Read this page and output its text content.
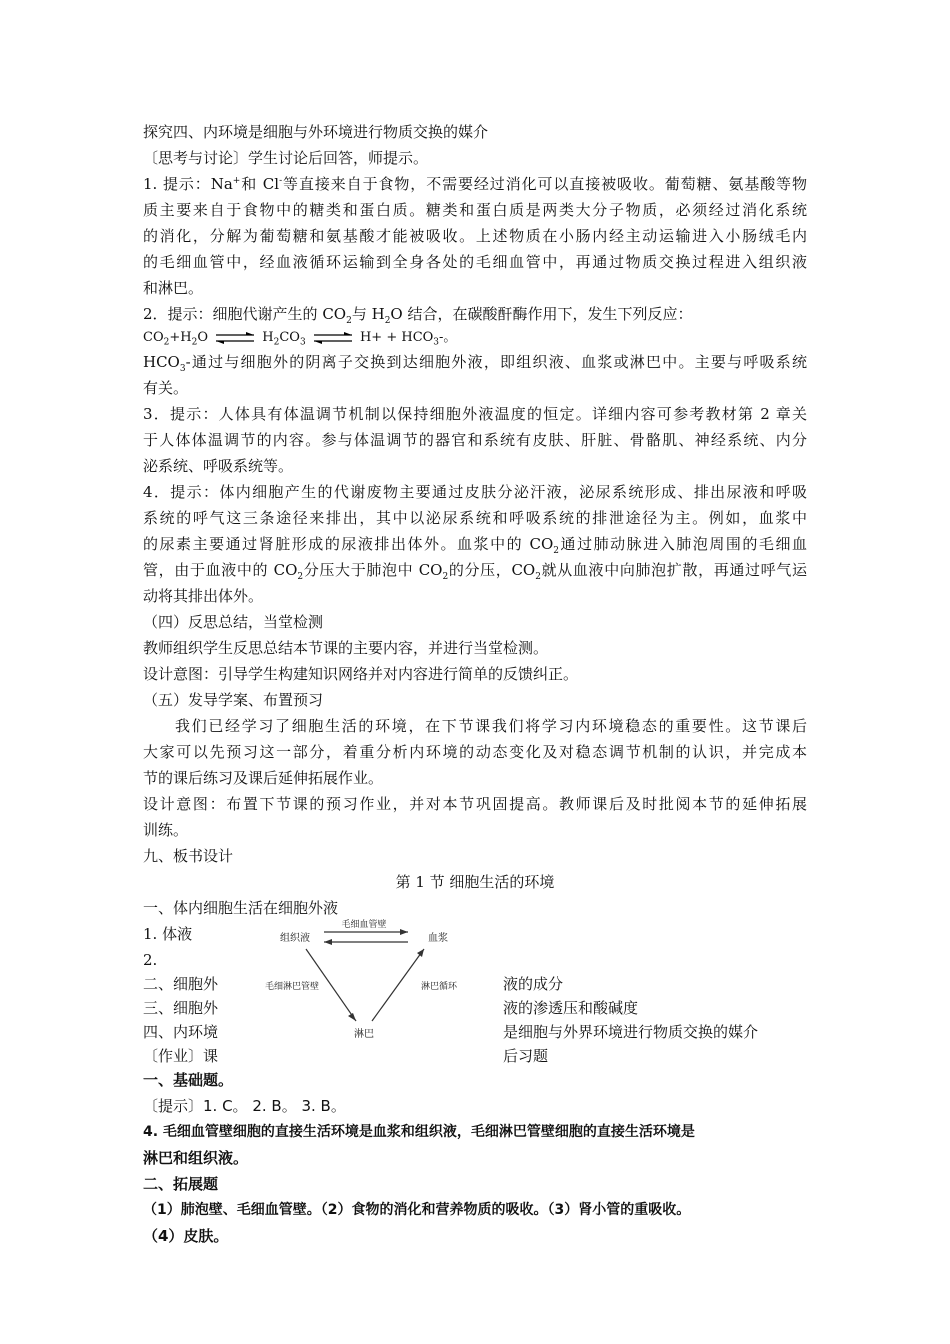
探究四、内环境是细胞与外环境进行物质交换的媒介
〔思考与讨论〕学生讨论后回答，师提示。
1. 提示：Na+和 Cl-等直接来自于食物，不需要经过消化可以直接被吸收。葡萄糖、氨基酸等物
质主要来自于食物中的糖类和蛋白质。糖类和蛋白质是两类大分子物质，必须经过消化系统
的消化，分解为葡萄糖和氨基酸才能被吸收。上述物质在小肠内经主动运输进入小肠绒毛内
的毛细血管中，经血液循环运输到全身各处的毛细血管中，再通过物质交换过程进入组织液
和淋巴。
2．提示：细胞代谢产生的 $CO_2$与 $H_2O$ 结合，在碳酸酐酶作用下，发生下列反应：
$CO_2+H_2O$ ⇌ $H_2CO_3$ ⇌ $H+ + HCO_3-$。
$HCO_3-$通过与细胞外的阴离子交换到达细胞外液，即组织液、血浆或淋巴中。主要与呼吸系统
有关。
3．提示：人体具有体温调节机制以保持细胞外液温度的恒定。详细内容可参考教材第 2 章关
于人体体温调节的内容。参与体温调节的器官和系统有皮肤、肝脏、骨骼肌、神经系统、内分
泌系统、呼吸系统等。
4．提示：体内细胞产生的代谢废物主要通过皮肤分泌汗液，泌尿系统形成、排出尿液和呼吸
系统的呼气这三条途径来排出，其中以泌尿系统和呼吸系统的排泄途径为主。例如，血浆中
的尿素主要通过肾脏形成的尿液排出体外。血浆中的 $CO_2$通过肺动脉进入肺泡周围的毛细血
管，由于血液中的 $CO_2$分压大于肺泡中 $CO_2$的分压，$CO_2$就从血液中向肺泡扩散，再通过呼气运
动将其排出体外。
（四）反思总结，当堂检测
教师组织学生反思总结本节课的主要内容，并进行当堂检测。
设计意图：引导学生构建知识网络并对内容进行简单的反馈纠正。
（五）发导学案、布置预习
我们已经学习了细胞生活的环境，在下节课我们将学习内环境稳态的重要性。这节课后
大家可以先预习这一部分，着重分析内环境的动态变化及对稳态调节机制的认识，并完成本
节的课后练习及课后延伸拓展作业。
设计意图：布置下节课的预习作业，并对本节巩固提高。教师课后及时批阅本节的延伸拓展
训练。
九、板书设计
第 1 节 细胞生活的环境
一、体内细胞生活在细胞外液
1. 体液
2.
二、细胞外	液的成分
三、细胞外	液的渗透压和酸碱度
四、内环境	是细胞与外界环境进行物质交换的媒介
〔作业〕课	后习题
毛细血管壁
组织液	血浆
毛细淋巴管壁	淋巴循环
淋巴
一、基础题。
〔提示〕1. C。 2. B。 3. B。
4. 毛细血管壁细胞的直接生活环境是血浆和组织液，毛细淋巴管壁细胞的直接生活环境是
淋巴和组织液。
二、拓展题
（1）肺泡壁、毛细血管壁。（2）食物的消化和营养物质的吸收。（3）肾小管的重吸收。
（4）皮肤。
